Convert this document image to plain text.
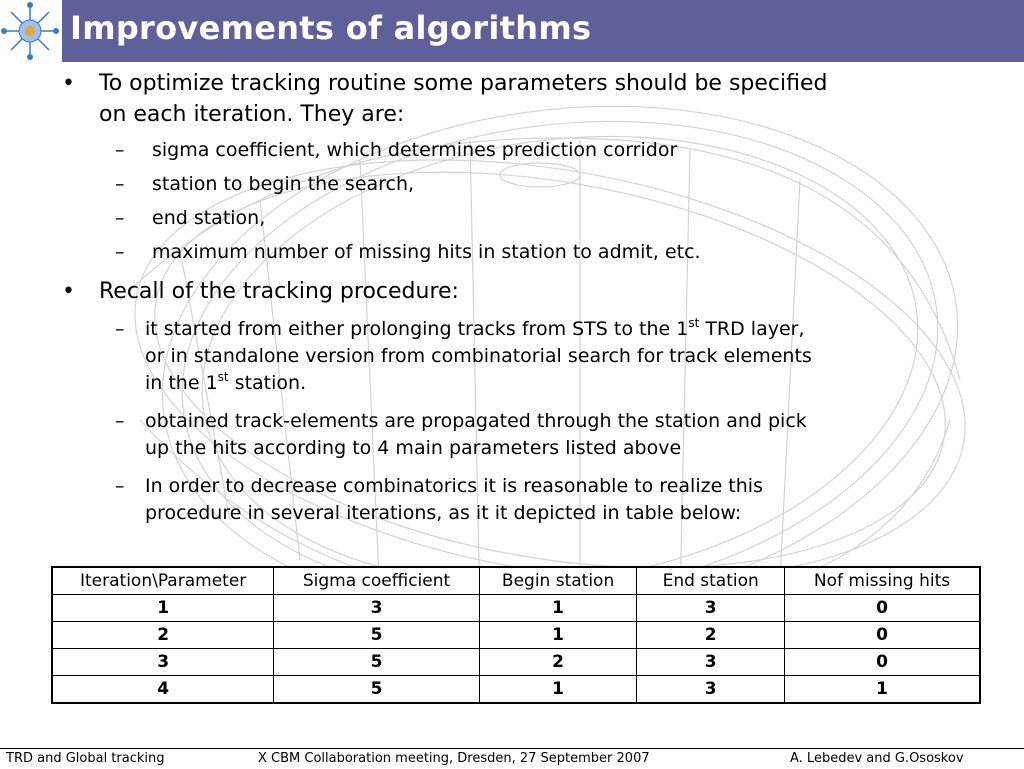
Improvements of algorithms
• To optimize tracking routine some parameters should be specified
on each iteration. They are:
– sigma coefficient, which determines prediction corridor
– station to begin the search,
– end station,
– maximum number of missing hits in station to admit, etc.
• Recall of the tracking procedure:
– it started from either prolonging tracks from STS to the 1st TRD layer,
or in standalone version from combinatorial search for track elements
in the 1st station.
– obtained track-elements are propagated through the station and pick
up the hits according to 4 main parameters listed above
– In order to decrease combinatorics it is reasonable to realize this
procedure in several iterations, as it it depicted in table below:
Iteration\Parameter	Sigma coefficient	Begin station	End station	Nof missing hits
1	3	1	3	0
2	5	1	2	0
3	5	2	3	0
4	5	1	3	1
TRD and Global tracking	X CBM Collaboration meeting, Dresden, 27 September 2007	A. Lebedev and G.Ososkov
